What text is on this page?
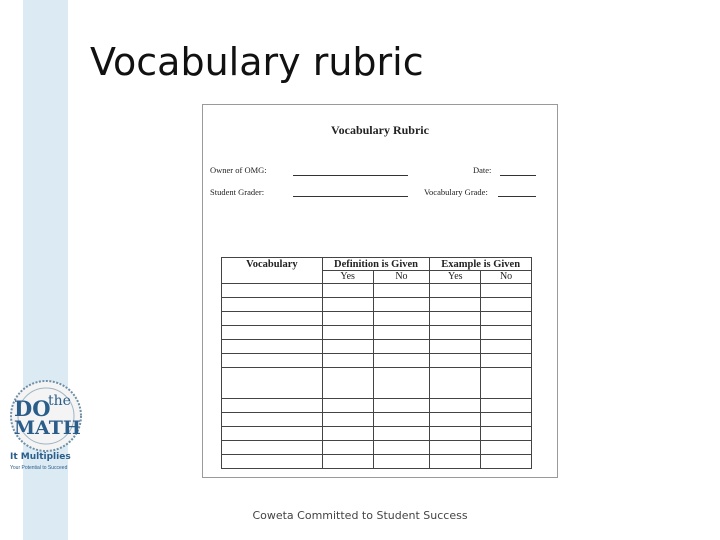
Vocabulary rubric
Vocabulary Rubric
Owner of OMG:	Date:
Student Grader:	Vocabulary Grade:
Vocabulary	Definition is Given		Example is Given	
	Yes	No	Yes	No

DO
the
MATH
It Multiplies
Your Potential to Succeed
Coweta Committed to Student Success
